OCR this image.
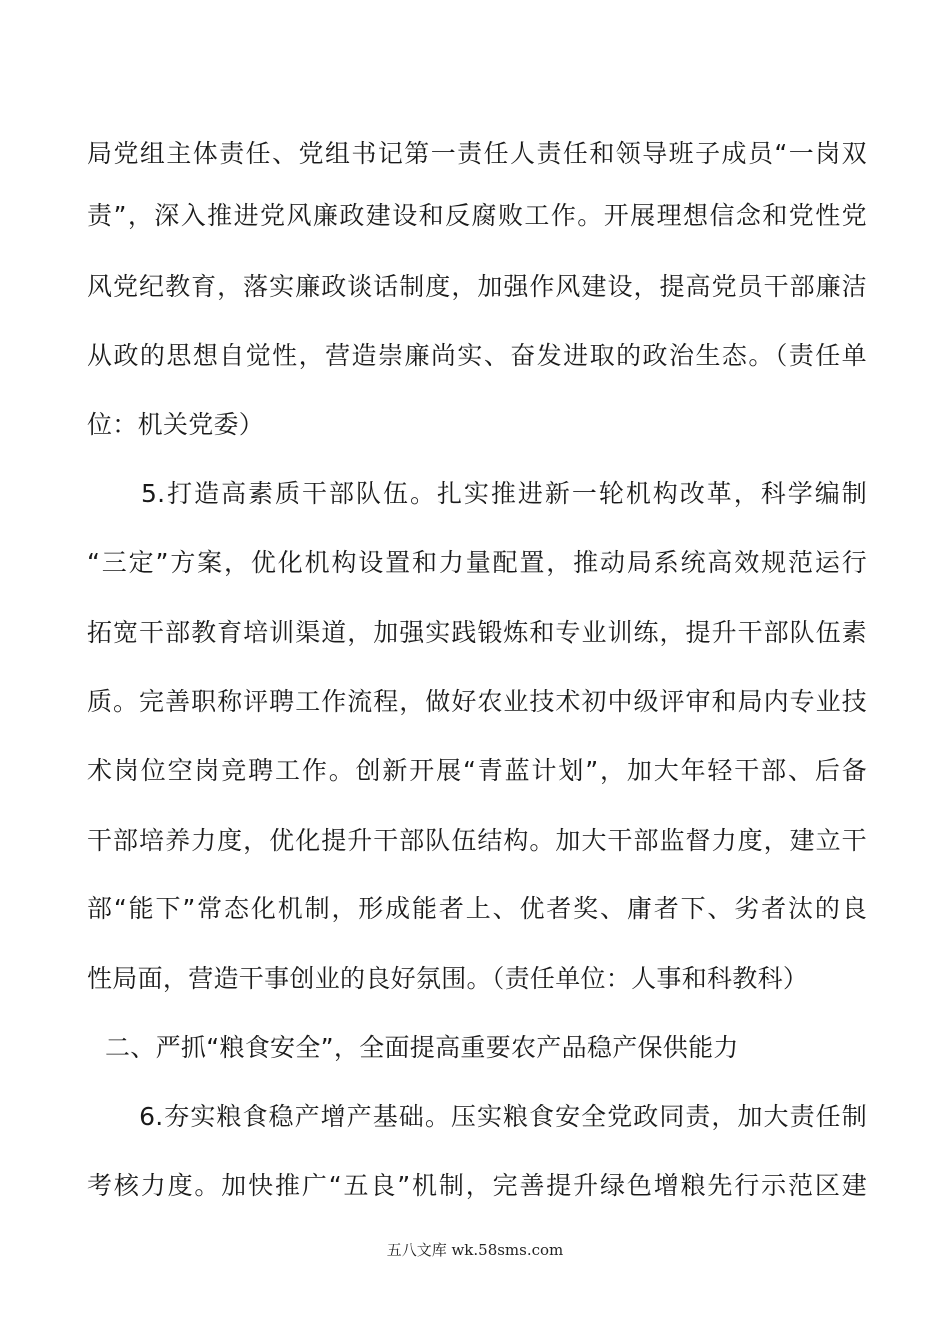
局党组主体责任、党组书记第一责任人责任和领导班子成员“一岗双
责”，深入推进党风廉政建设和反腐败工作。开展理想信念和党性党
风党纪教育，落实廉政谈话制度，加强作风建设，提高党员干部廉洁
从政的思想自觉性，营造崇廉尚实、奋发进取的政治生态。（责任单
位：机关党委）
　　5.打造高素质干部队伍。扎实推进新一轮机构改革，科学编制
“三定”方案，优化机构设置和力量配置，推动局系统高效规范运行
拓宽干部教育培训渠道，加强实践锻炼和专业训练，提升干部队伍素
质。完善职称评聘工作流程，做好农业技术初中级评审和局内专业技
术岗位空岗竞聘工作。创新开展“青蓝计划”，加大年轻干部、后备
干部培养力度，优化提升干部队伍结构。加大干部监督力度，建立干
部“能下”常态化机制，形成能者上、优者奖、庸者下、劣者汰的良
性局面，营造干事创业的良好氛围。（责任单位：人事和科教科）
二、严抓“粮食安全”，全面提高重要农产品稳产保供能力
　　6.夯实粮食稳产增产基础。压实粮食安全党政同责，加大责任制
考核力度。加快推广“五良”机制，完善提升绿色增粮先行示范区建
五八文库 wk.58sms.com
